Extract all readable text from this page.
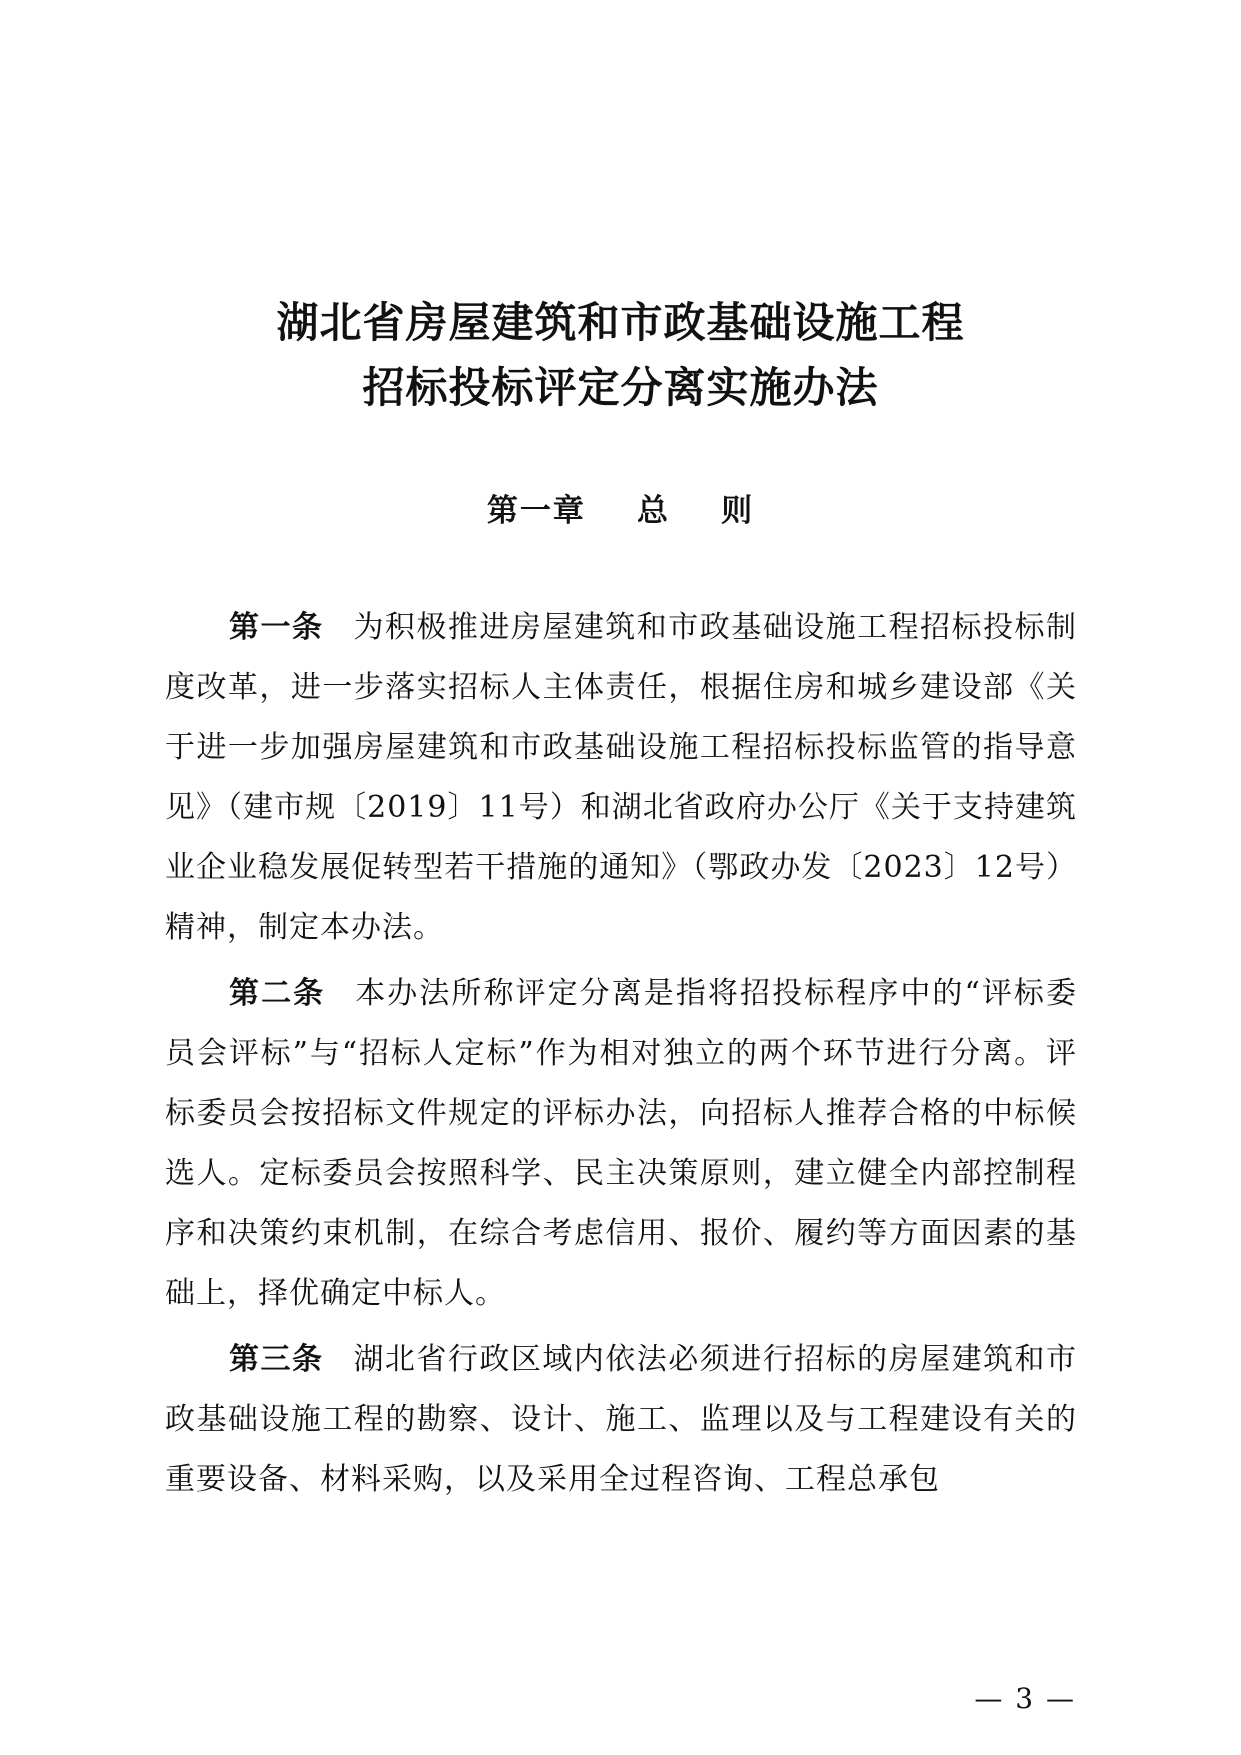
湖北省房屋建筑和市政基础设施工程
招标投标评定分离实施办法
第一章    总    则

第一条 为积极推进房屋建筑和市政基础设施工程招标投标制度改革，进一步落实招标人主体责任，根据住房和城乡建设部《关于进一步加强房屋建筑和市政基础设施工程招标投标监管的指导意见》（建市规〔2019〕11号）和湖北省政府办公厅《关于支持建筑业企业稳发展促转型若干措施的通知》（鄂政办发〔2023〕12号）精神，制定本办法。

第二条 本办法所称评定分离是指将招投标程序中的“评标委员会评标”与“招标人定标”作为相对独立的两个环节进行分离。评标委员会按招标文件规定的评标办法，向招标人推荐合格的中标候选人。定标委员会按照科学、民主决策原则，建立健全内部控制程序和决策约束机制，在综合考虑信用、报价、履约等方面因素的基础上，择优确定中标人。

第三条 湖北省行政区域内依法必须进行招标的房屋建筑和市政基础设施工程的勘察、设计、施工、监理以及与工程建设有关的重要设备、材料采购，以及采用全过程咨询、工程总承包

— 3 —
